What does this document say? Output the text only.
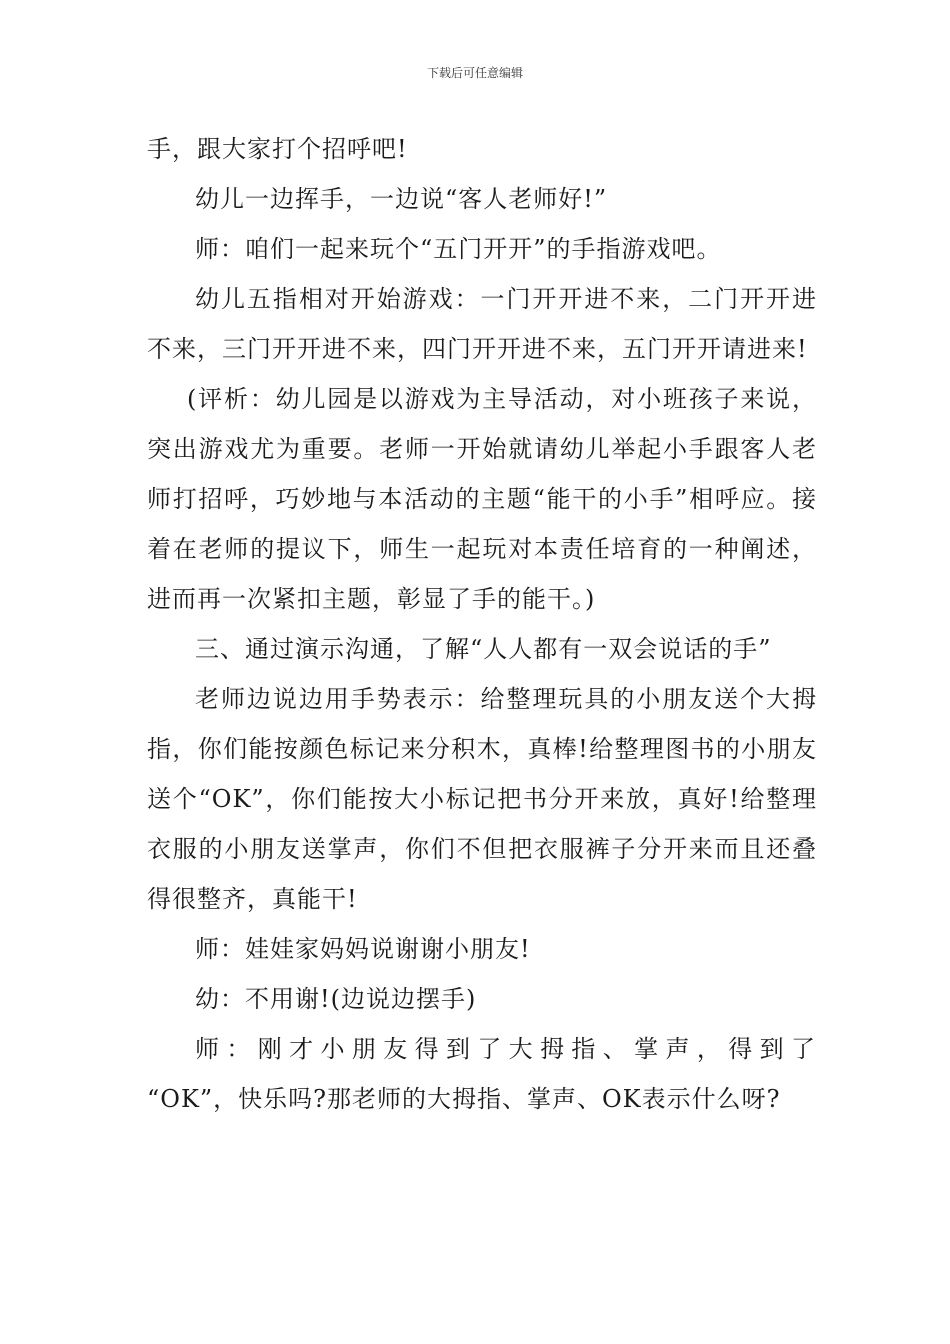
下载后可任意编辑

手，跟大家打个招呼吧!

幼儿一边挥手，一边说“客人老师好!”

师：咱们一起来玩个“五门开开”的手指游戏吧。

幼儿五指相对开始游戏：一门开开进不来，二门开开进不来，三门开开进不来，四门开开进不来，五门开开请进来!

(评析：幼儿园是以游戏为主导活动，对小班孩子来说，突出游戏尤为重要。老师一开始就请幼儿举起小手跟客人老师打招呼，巧妙地与本活动的主题“能干的小手”相呼应。接着在老师的提议下，师生一起玩对本责任培育的一种阐述，进而再一次紧扣主题，彰显了手的能干。)

三、通过演示沟通，了解“人人都有一双会说话的手”

老师边说边用手势表示：给整理玩具的小朋友送个大拇指，你们能按颜色标记来分积木，真棒!给整理图书的小朋友送个“OK”，你们能按大小标记把书分开来放，真好!给整理衣服的小朋友送掌声，你们不但把衣服裤子分开来而且还叠得很整齐，真能干!

师：娃娃家妈妈说谢谢小朋友!

幼：不用谢!(边说边摆手)

师：刚才小朋友得到了大拇指、掌声，得到了

“OK”，快乐吗?那老师的大拇指、掌声、OK表示什么呀?
